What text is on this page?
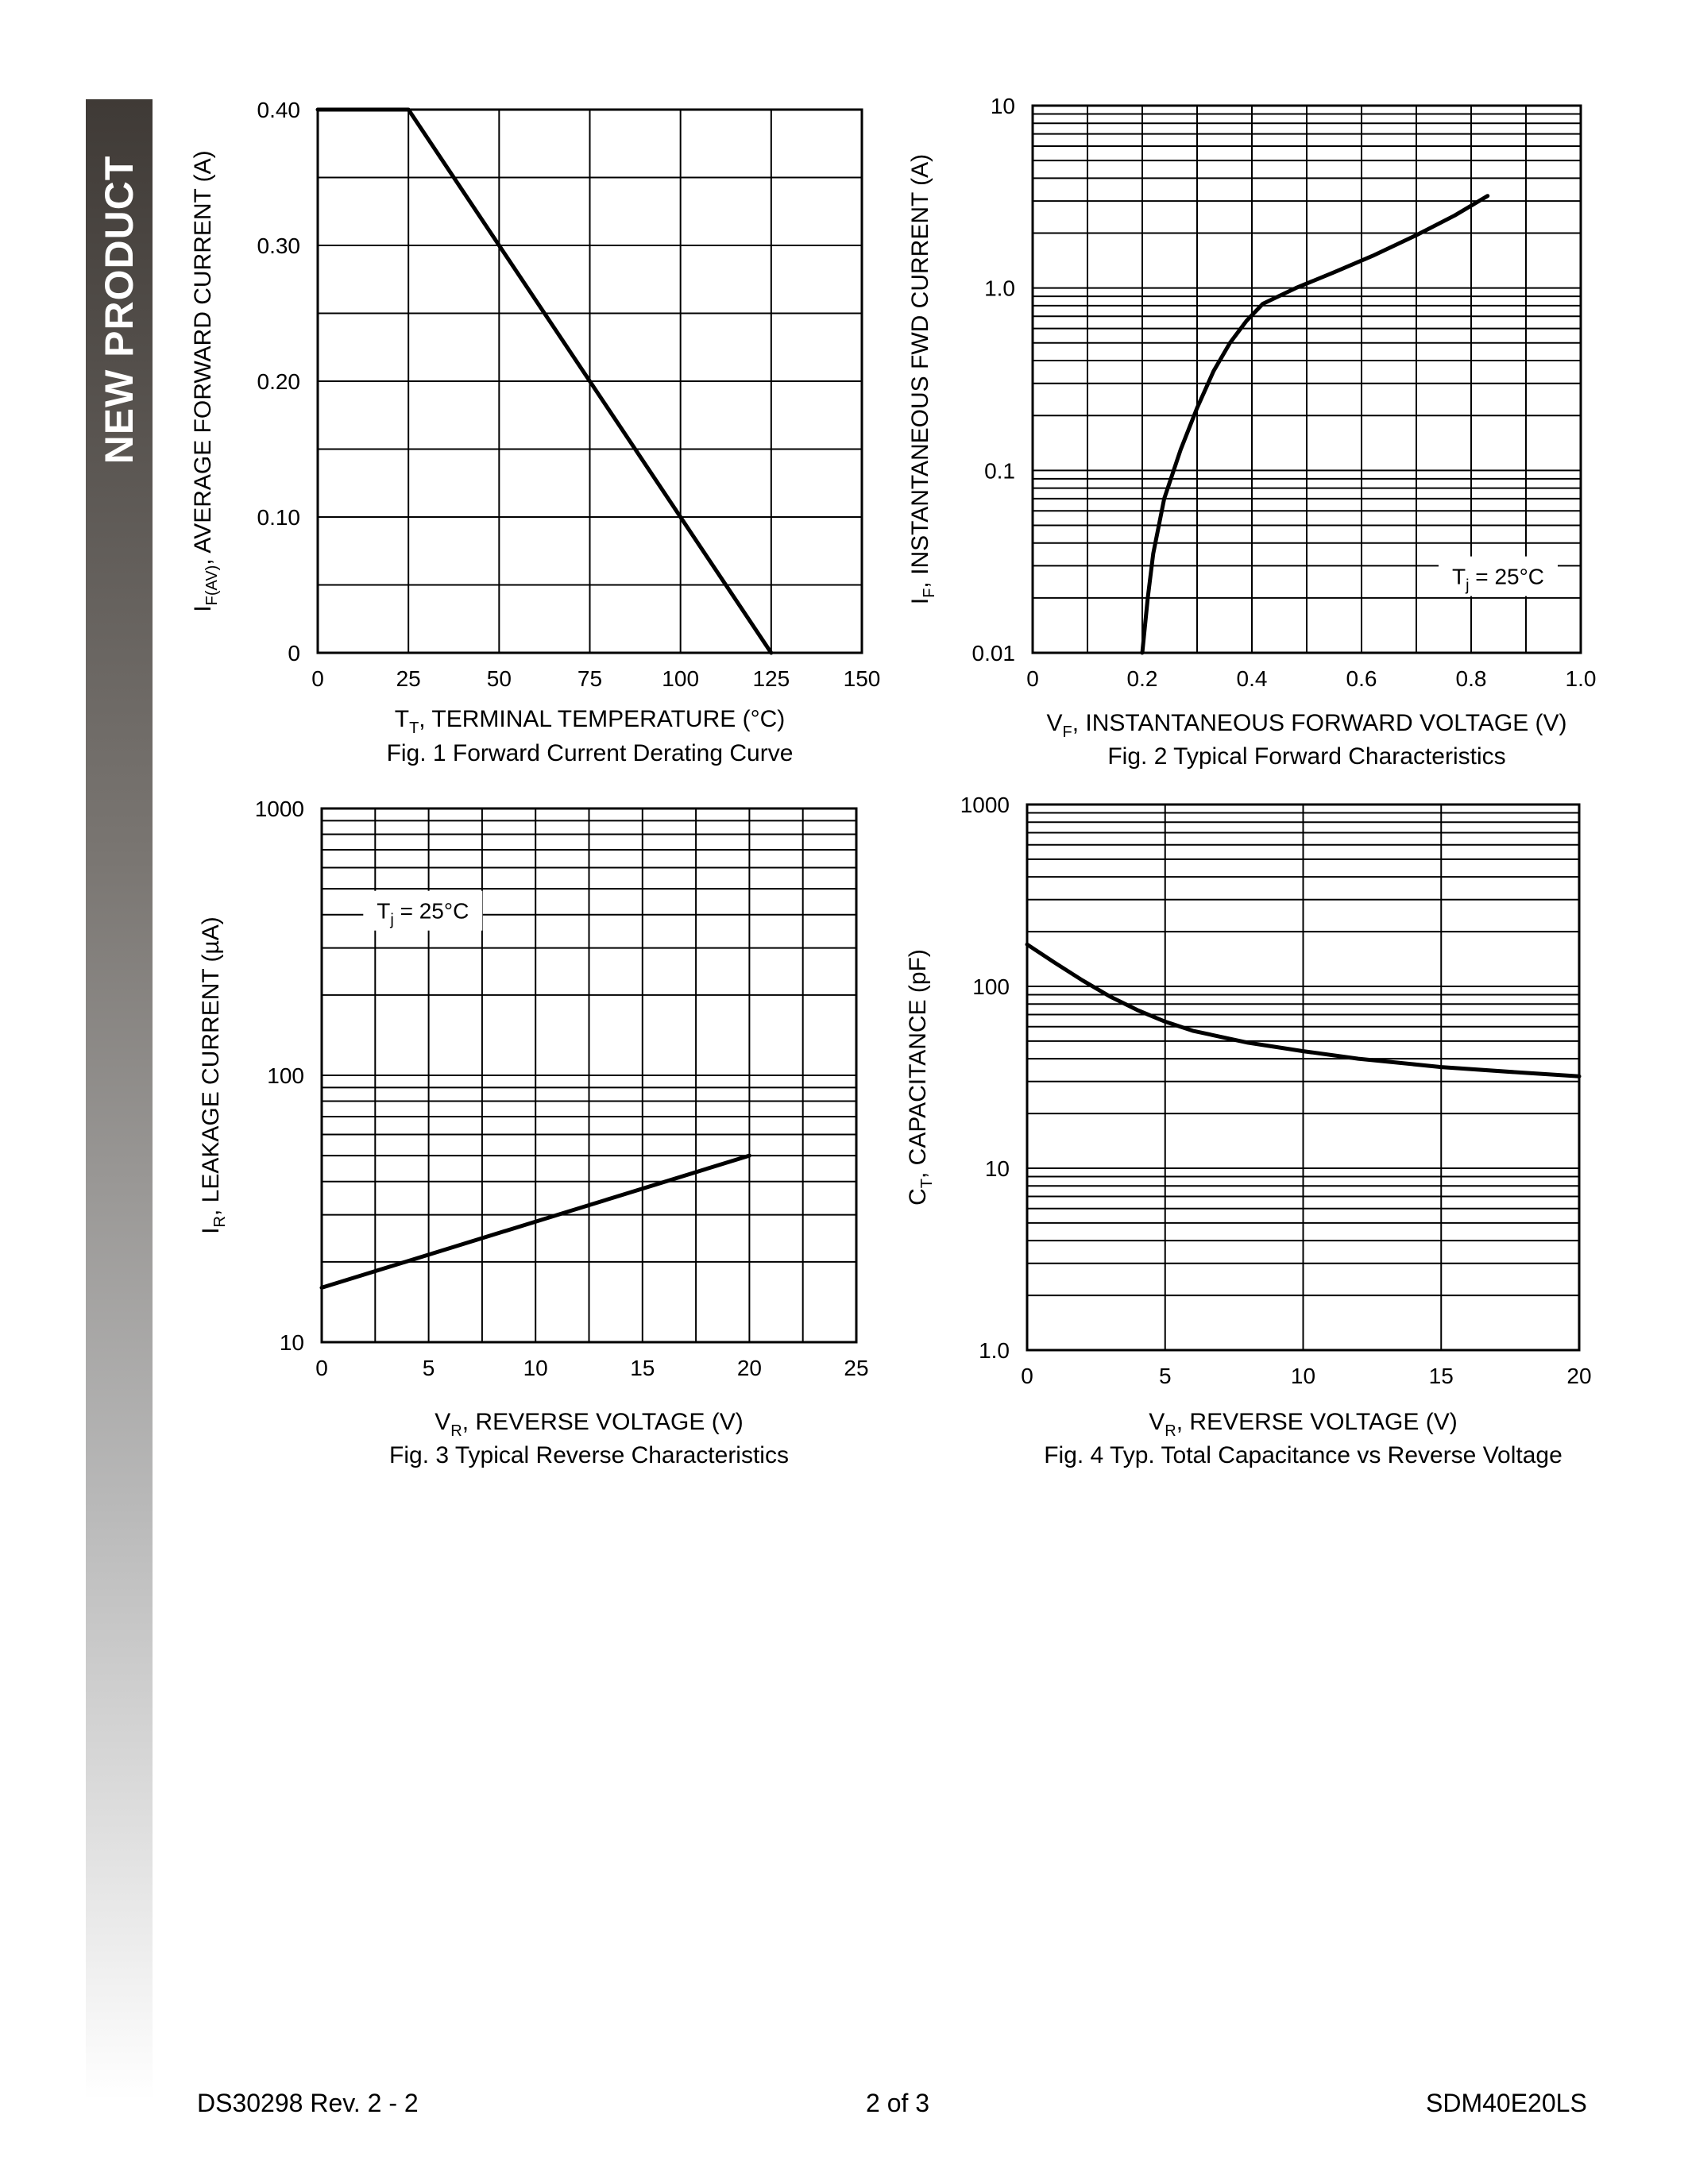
NEW PRODUCT
0	25	50	75	100 125 150
0
0.10
0.20
0.30
0.40
$T_T$, TERMINAL TEMPERATURE (°C)
$I_{F(AV)}$, AVERAGE FORWARD CURRENT (A)
Fig. 1 Forward Current Derating Curve
0	0.2	0.4	0.6	0.8	1.0
0.01
0.1
1.0
10
$T_j = 25^\circ C$
$V_F$, INSTANTANEOUS FORWARD VOLTAGE (V)
$I_F$, INSTANTANEOUS FWD CURRENT (A)
Fig. 2 Typical Forward Characteristics
0	5	10	15	20	25
10
100
1000
$T_j = 25^\circ C$
$V_R$, REVERSE VOLTAGE (V)
$I_R$, LEAKAGE CURRENT (µA)
Fig. 3 Typical Reverse Characteristics
0	5	10	15	20
1.0
10
100
1000
$V_R$, REVERSE VOLTAGE (V)
$C_T$, CAPACITANCE (pF)
Fig. 4 Typ. Total Capacitance vs Reverse Voltage
DS30298 Rev. 2 - 2	2 of 3	SDM40E20LS
